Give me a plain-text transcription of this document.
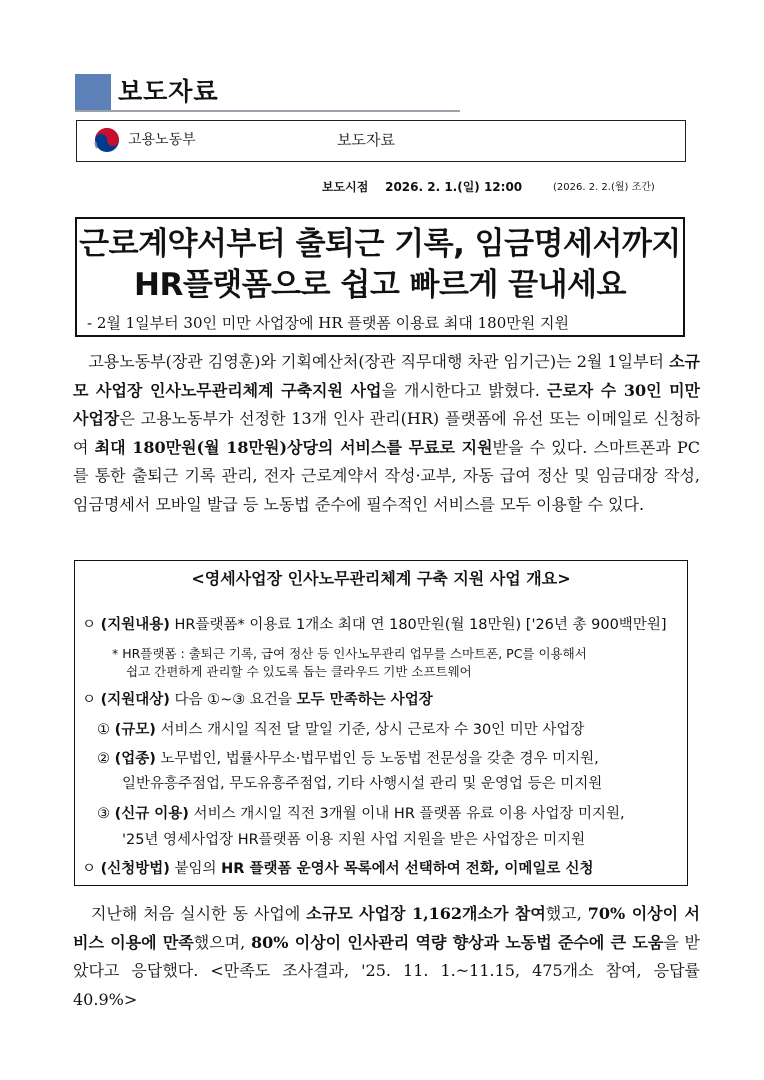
보도자료
고용노동부	보도자료
보도시점 2026. 2. 1.(일) 12:00	(2026. 2. 2.(월) 조간)
근로계약서부터 출퇴근 기록, 임금명세서까지
HR플랫폼으로 쉽고 빠르게 끝내세요
- 2월 1일부터 30인 미만 사업장에 HR 플랫폼 이용료 최대 180만원 지원

고용노동부(장관 김영훈)와 기획예산처(장관 직무대행 차관 임기근)는 2월 1일부터 소규모 사업장 인사노무관리체계 구축지원 사업을 개시한다고 밝혔다. 근로자 수 30인 미만 사업장은 고용노동부가 선정한 13개 인사 관리(HR) 플랫폼에 유선 또는 이메일로 신청하여 최대 180만원(월 18만원)상당의 서비스를 무료로 지원받을 수 있다. 스마트폰과 PC를 통한 출퇴근 기록 관리, 전자 근로계약서 작성·교부, 자동 급여 정산 및 임금대장 작성, 임금명세서 모바일 발급 등 노동법 준수에 필수적인 서비스를 모두 이용할 수 있다.

<영세사업장 인사노무관리체계 구축 지원 사업 개요>
ㅇ (지원내용) HR플랫폼* 이용료 1개소 최대 연 180만원(월 18만원) ['26년 총 900백만원]
* HR플랫폼 : 출퇴근 기록, 급여 정산 등 인사노무관리 업무를 스마트폰, PC를 이용해서
쉽고 간편하게 관리할 수 있도록 돕는 클라우드 기반 소프트웨어
ㅇ (지원대상) 다음 ①~③ 요건을 모두 만족하는 사업장
① (규모) 서비스 개시일 직전 달 말일 기준, 상시 근로자 수 30인 미만 사업장
② (업종) 노무법인, 법률사무소·법무법인 등 노동법 전문성을 갖춘 경우 미지원,
일반유흥주점업, 무도유흥주점업, 기타 사행시설 관리 및 운영업 등은 미지원
③ (신규 이용) 서비스 개시일 직전 3개월 이내 HR 플랫폼 유료 이용 사업장 미지원,
'25년 영세사업장 HR플랫폼 이용 지원 사업 지원을 받은 사업장은 미지원
ㅇ (신청방법) 붙임의 HR 플랫폼 운영사 목록에서 선택하여 전화, 이메일로 신청

지난해 처음 실시한 동 사업에 소규모 사업장 1,162개소가 참여했고, 70% 이상이 서비스 이용에 만족했으며, 80% 이상이 인사관리 역량 향상과 노동법 준수에 큰 도움을 받았다고 응답했다. <만족도 조사결과, '25. 11. 1.~11.15, 475개소 참여, 응답률 40.9%>
